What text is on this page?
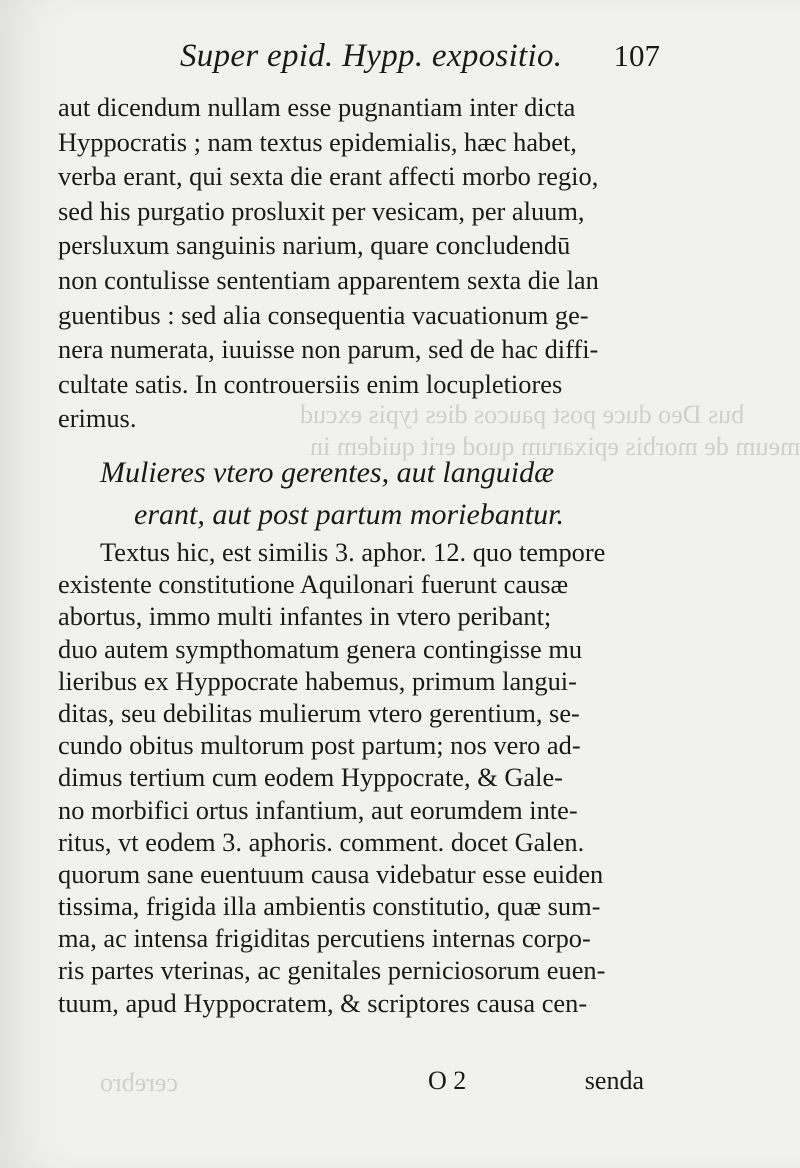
bus Deo duce post paucos dies typis excud
meum de morbis epixarum quod erit quidem in
cerebro
Super epid. Hypp. expositio. 107
aut dicendum nullam esse pugnantiam inter dicta
Hyppocratis ; nam textus epidemialis, hæc habet,
verba erant, qui sexta die erant affecti morbo regio,
sed his purgatio prosluxit per vesicam, per aluum,
persluxum sanguinis narium, quare concludendū
non contulisse sententiam apparentem sexta die lan
guentibus : sed alia consequentia vacuationum ge-
nera numerata, iuuisse non parum, sed de hac diffi-
cultate satis. In controuersiis enim locupletiores
erimus.
Mulieres vtero gerentes, aut languidæ
erant, aut post partum moriebantur.
Textus hic, est similis 3. aphor. 12. quo tempore
existente constitutione Aquilonari fuerunt causæ
abortus, immo multi infantes in vtero peribant;
duo autem sympthomatum genera contingisse mu
lieribus ex Hyppocrate habemus, primum langui-
ditas, seu debilitas mulierum vtero gerentium, se-
cundo obitus multorum post partum; nos vero ad-
dimus tertium cum eodem Hyppocrate, & Gale-
no morbifici ortus infantium, aut eorumdem inte-
ritus, vt eodem 3. aphoris. comment. docet Galen.
quorum sane euentuum causa videbatur esse euiden
tissima, frigida illa ambientis constitutio, quæ sum-
ma, ac intensa frigiditas percutiens internas corpo-
ris partes vterinas, ac genitales perniciosorum euen-
tuum, apud Hyppocratem, & scriptores causa cen-
O 2	senda
